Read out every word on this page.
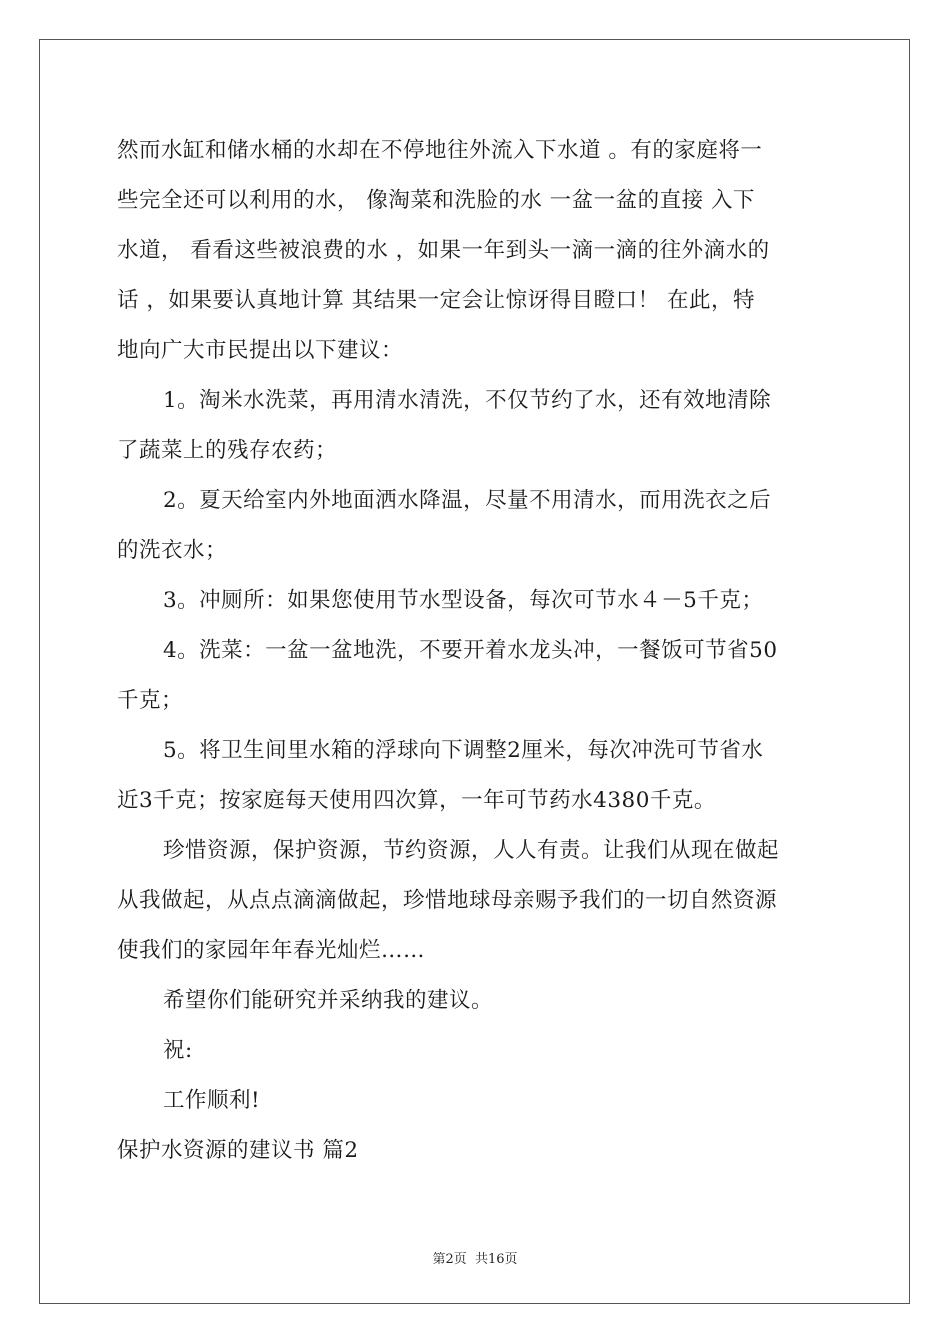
然而水缸和储水桶的水却在不停地往外流入下水道 。有的家庭将一
些完全还可以利用的水， 像淘菜和洗脸的水 一盆一盆的直接 入下
水道， 看看这些被浪费的水 ，如果一年到头一滴一滴的往外滴水的
话 ，如果要认真地计算 其结果一定会让惊讶得目瞪口！ 在此，特
地向广大市民提出以下建议：
1。淘米水洗菜，再用清水清洗，不仅节约了水，还有效地清除
了蔬菜上的残存农药；
2。夏天给室内外地面洒水降温，尽量不用清水，而用洗衣之后
的洗衣水；
3。冲厕所：如果您使用节水型设备，每次可节水４－5千克；
4。洗菜：一盆一盆地洗，不要开着水龙头冲，一餐饭可节省50
千克；
5。将卫生间里水箱的浮球向下调整2厘米，每次冲洗可节省水
近3千克；按家庭每天使用四次算，一年可节药水4380千克。
珍惜资源，保护资源，节约资源，人人有责。让我们从现在做起
从我做起，从点点滴滴做起，珍惜地球母亲赐予我们的一切自然资源
使我们的家园年年春光灿烂……
希望你们能研究并采纳我的建议。
祝:
工作顺利!
保护水资源的建议书 篇2
第2页  共16页
